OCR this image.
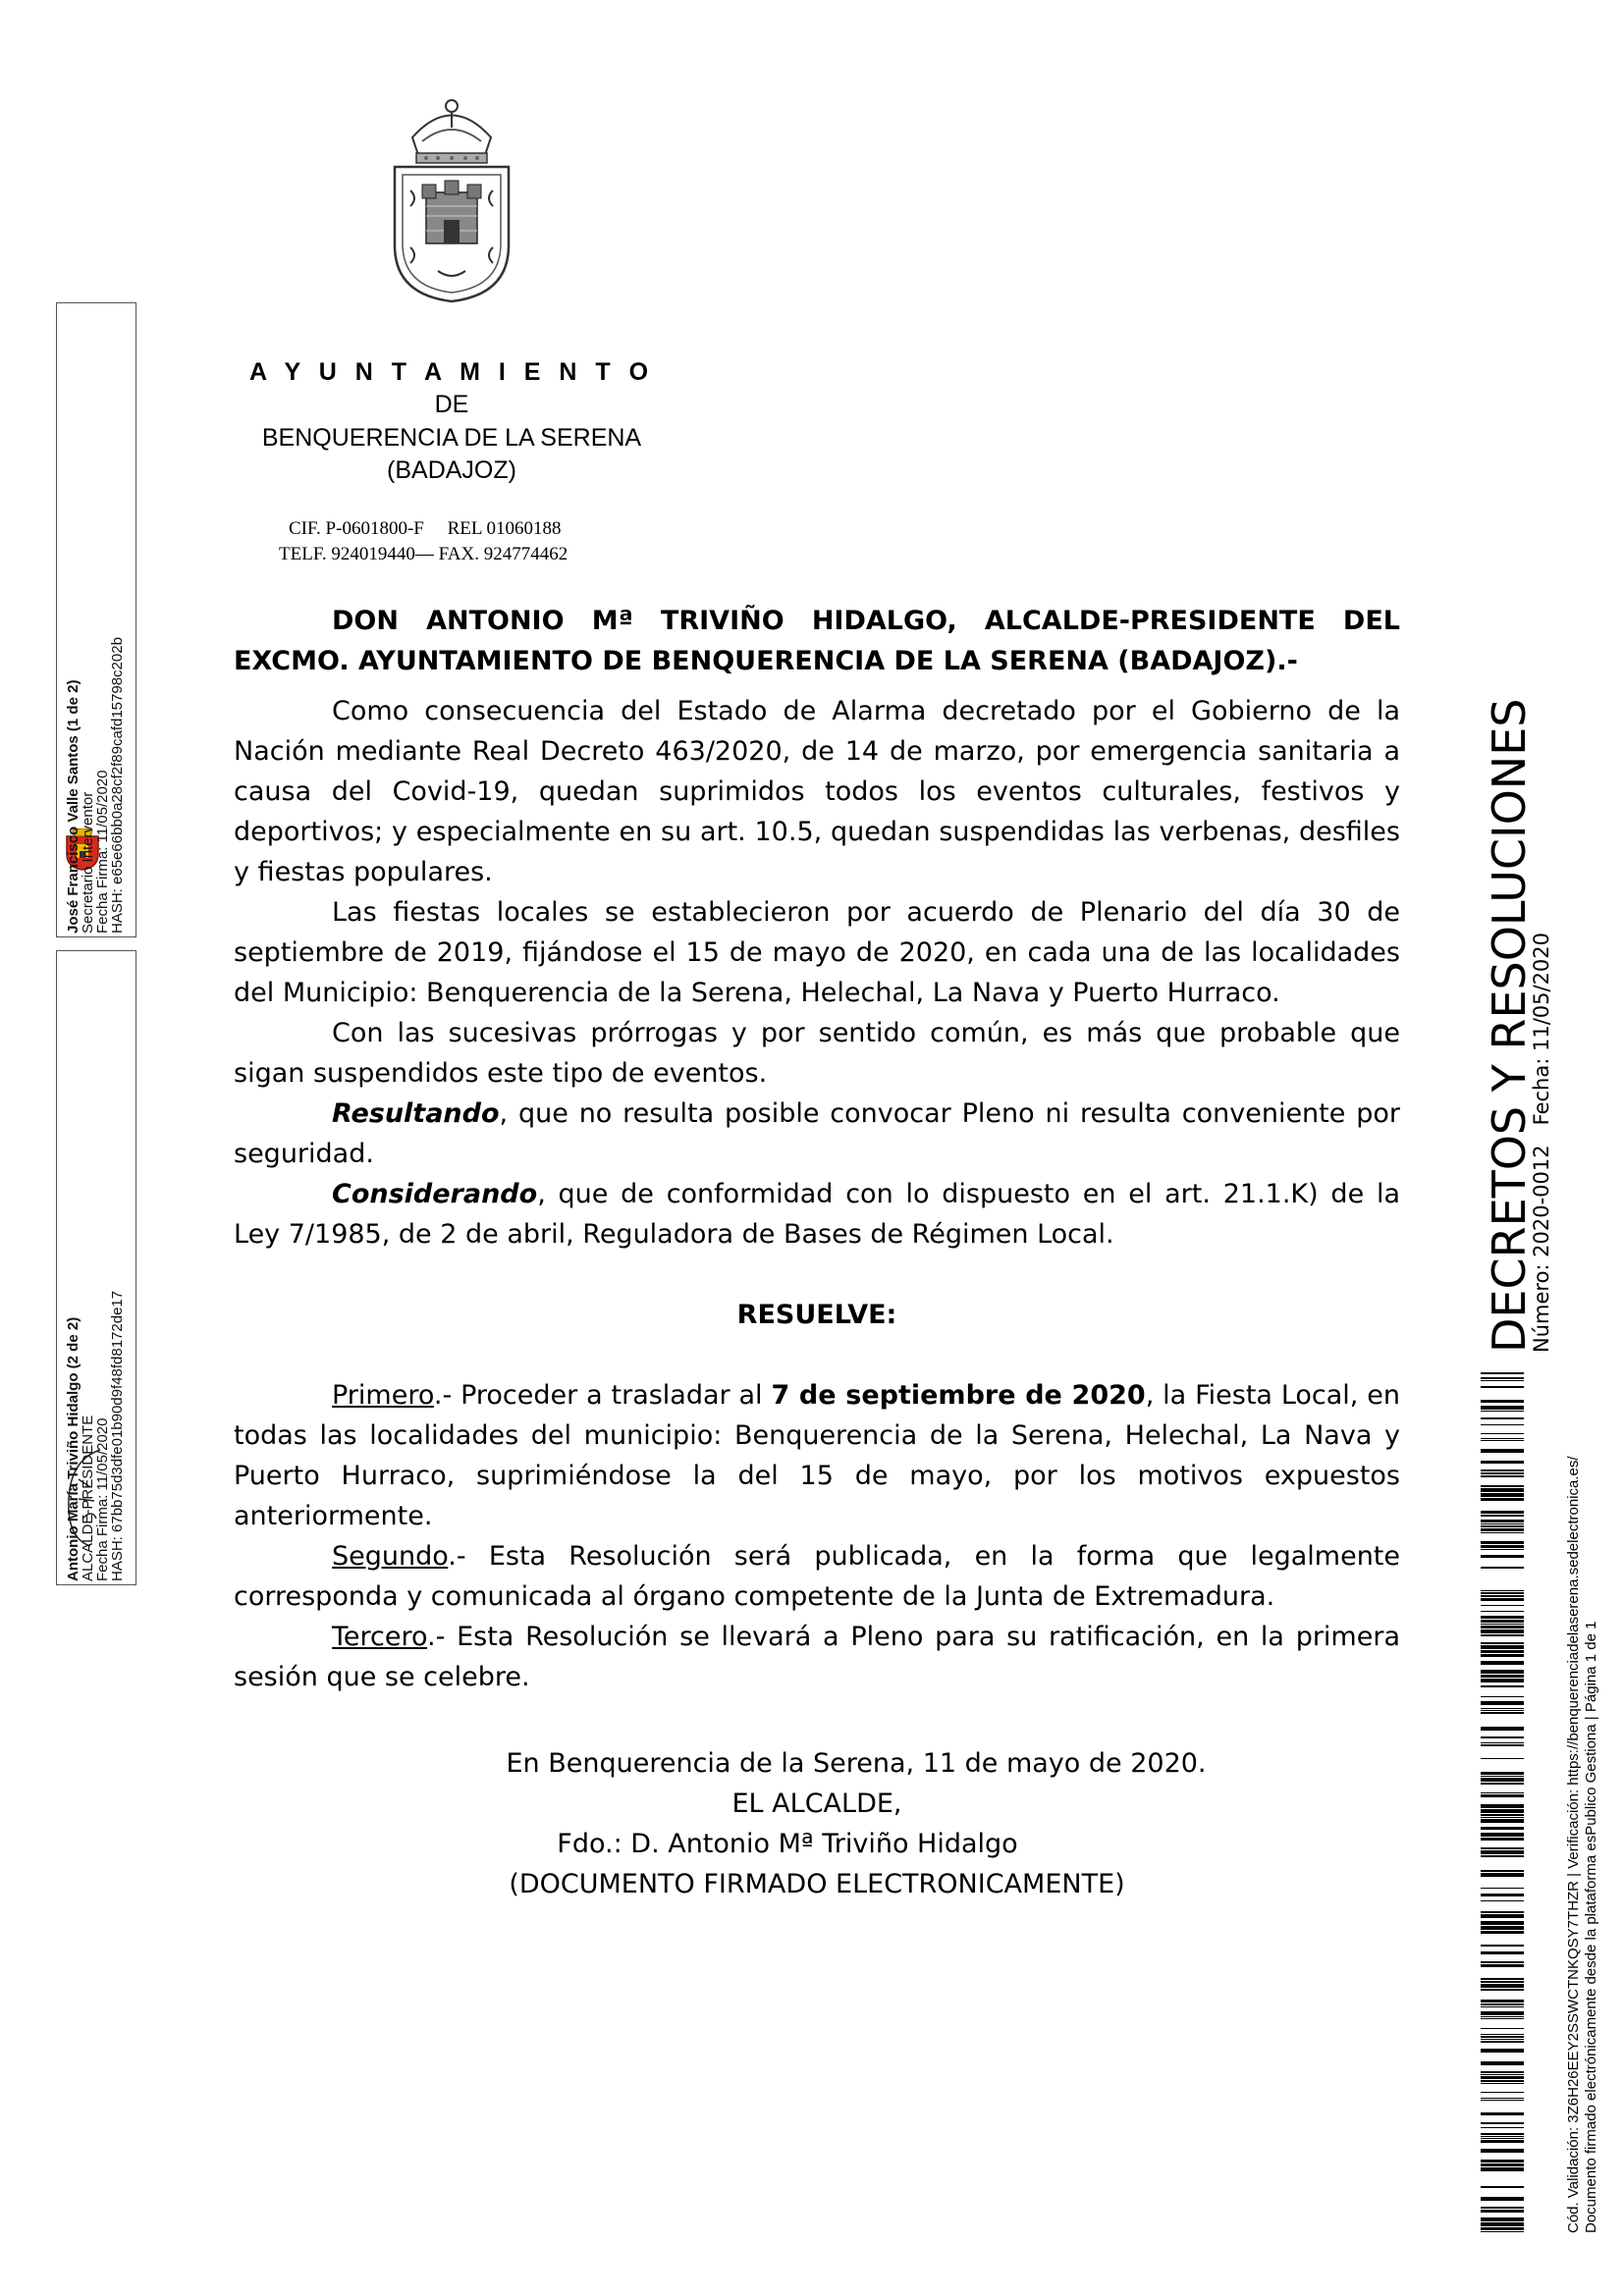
A Y U N T A M I E N T O
DE
BENQUERENCIA DE LA SERENA
(BADAJOZ)
CIF. P-0601800-F     REL 01060188
TELF. 924019440— FAX. 924774462

DON ANTONIO Mª TRIVIÑO HIDALGO, ALCALDE-PRESIDENTE DEL EXCMO. AYUNTAMIENTO DE BENQUERENCIA DE LA SERENA (BADAJOZ).-

Como consecuencia del Estado de Alarma decretado por el Gobierno de la Nación mediante Real Decreto 463/2020, de 14 de marzo, por emergencia sanitaria a causa del Covid-19, quedan suprimidos todos los eventos culturales, festivos y deportivos; y especialmente en su art. 10.5, quedan suspendidas las verbenas, desfiles y fiestas populares.

Las fiestas locales se establecieron por acuerdo de Plenario del día 30 de septiembre de 2019, fijándose el 15 de mayo de 2020, en cada una de las localidades del Municipio: Benquerencia de la Serena, Helechal, La Nava y Puerto Hurraco.

Con las sucesivas prórrogas y por sentido común, es más que probable que sigan suspendidos este tipo de eventos.

Resultando, que no resulta posible convocar Pleno ni resulta conveniente por seguridad.

Considerando, que de conformidad con lo dispuesto en el art. 21.1.K) de la Ley 7/1985, de 2 de abril, Reguladora de Bases de Régimen Local.

RESUELVE:

Primero.- Proceder a trasladar al 7 de septiembre de 2020, la Fiesta Local, en todas las localidades del municipio: Benquerencia de la Serena, Helechal, La Nava y Puerto Hurraco, suprimiéndose la del 15 de mayo, por los motivos expuestos anteriormente.

Segundo.- Esta Resolución será publicada, en la forma que legalmente corresponda y comunicada al órgano competente de la Junta de Extremadura.

Tercero.- Esta Resolución se llevará a Pleno para su ratificación, en la primera sesión que se celebre.

En Benquerencia de la Serena, 11 de mayo de 2020.
EL ALCALDE,
Fdo.: D. Antonio Mª Triviño Hidalgo
(DOCUMENTO FIRMADO ELECTRONICAMENTE)
José Francisco Valle Santos (1 de 2)
Secretario Interventor
Fecha Firma: 11/05/2020
HASH: e65e66bb0a28cf2f89cafd15798c202b
Antonio María Triviño Hidalgo (2 de 2)
ALCALDE-PRESIDENTE
Fecha Firma: 11/05/2020
HASH: 67bb75d3dfe01b90d9f48fd8172de17
DECRETOS Y RESOLUCIONES
Número: 2020-0012   Fecha: 11/05/2020
Cód. Validación: 3Z6H26EEY2SSWCTNKQSY7THZR | Verificación: https://benquerenciadelaserena.sedelectronica.es/ Documento firmado electrónicamente desde la plataforma esPublico Gestiona | Página 1 de 1
